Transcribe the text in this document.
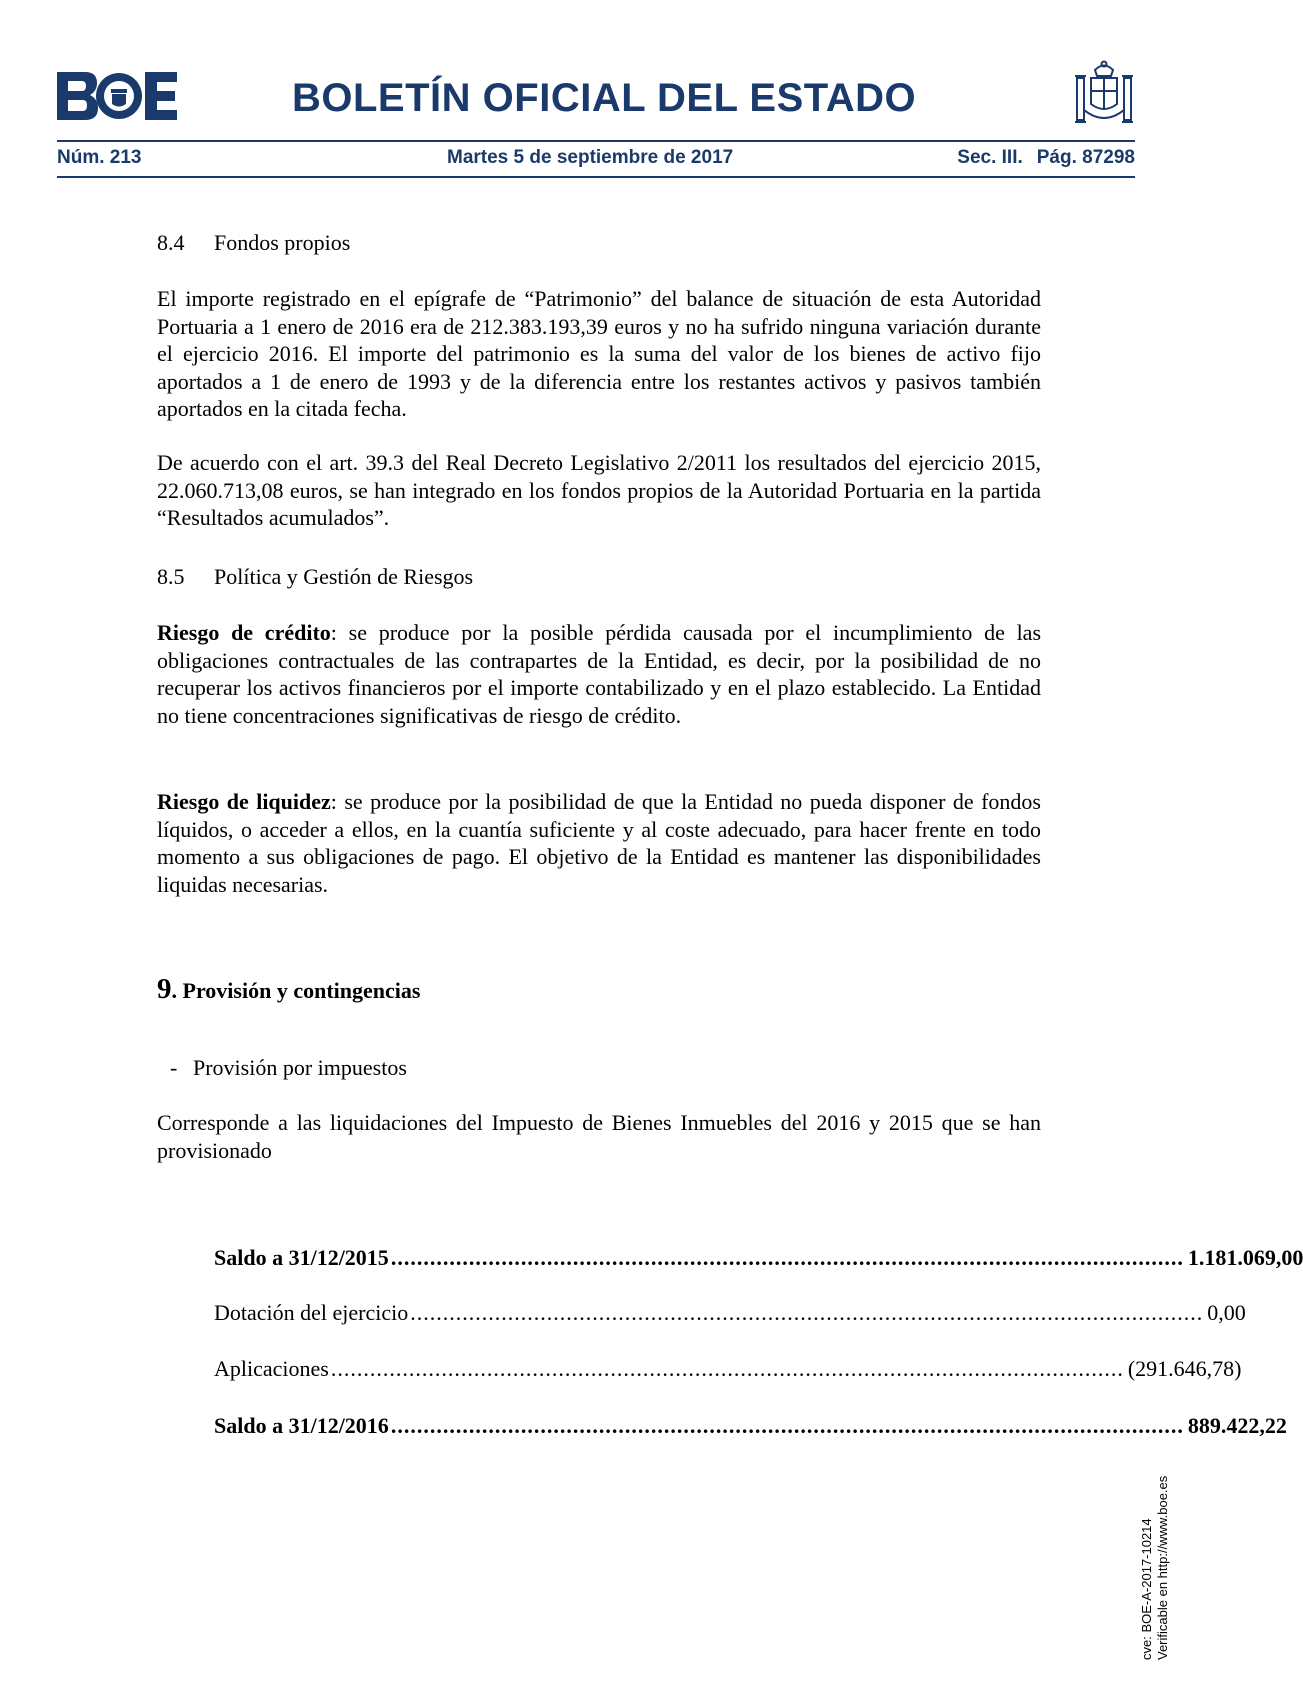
BOLETÍN OFICIAL DEL ESTADO
Núm. 213	Martes 5 de septiembre de 2017	Sec. III. Pág. 87298
8.4 Fondos propios

El importe registrado en el epígrafe de “Patrimonio” del balance de situación de esta Autoridad Portuaria a 1 enero de 2016 era de 212.383.193,39 euros y no ha sufrido ninguna variación durante el ejercicio 2016. El importe del patrimonio es la suma del valor de los bienes de activo fijo aportados a 1 de enero de 1993 y de la diferencia entre los restantes activos y pasivos también aportados en la citada fecha.

De acuerdo con el art. 39.3 del Real Decreto Legislativo 2/2011 los resultados del ejercicio 2015, 22.060.713,08 euros, se han integrado en los fondos propios de la Autoridad Portuaria en la partida “Resultados acumulados”.

8.5 Política y Gestión de Riesgos

Riesgo de crédito: se produce por la posible pérdida causada por el incumplimiento de las obligaciones contractuales de las contrapartes de la Entidad, es decir, por la posibilidad de no recuperar los activos financieros por el importe contabilizado y en el plazo establecido. La Entidad no tiene concentraciones significativas de riesgo de crédito.

Riesgo de liquidez: se produce por la posibilidad de que la Entidad no pueda disponer de fondos líquidos, o acceder a ellos, en la cuantía suficiente y al coste adecuado, para hacer frente en todo momento a sus obligaciones de pago. El objetivo de la Entidad es mantener las disponibilidades liquidas necesarias.

9. Provisión y contingencias
- Provisión por impuestos

Corresponde a las liquidaciones del Impuesto de Bienes Inmuebles del 2016 y 2015 que se han provisionado

Saldo a 31/12/2015 .......................................................................................................................... 1.181.069,00
Dotación del ejercicio .......................................................................................................................... 0,00
Aplicaciones .......................................................................................................................... (291.646,78)
Saldo a 31/12/2016 .......................................................................................................................... 889.422,22
cve: BOE-A-2017-10214 Verificable en http://www.boe.es
